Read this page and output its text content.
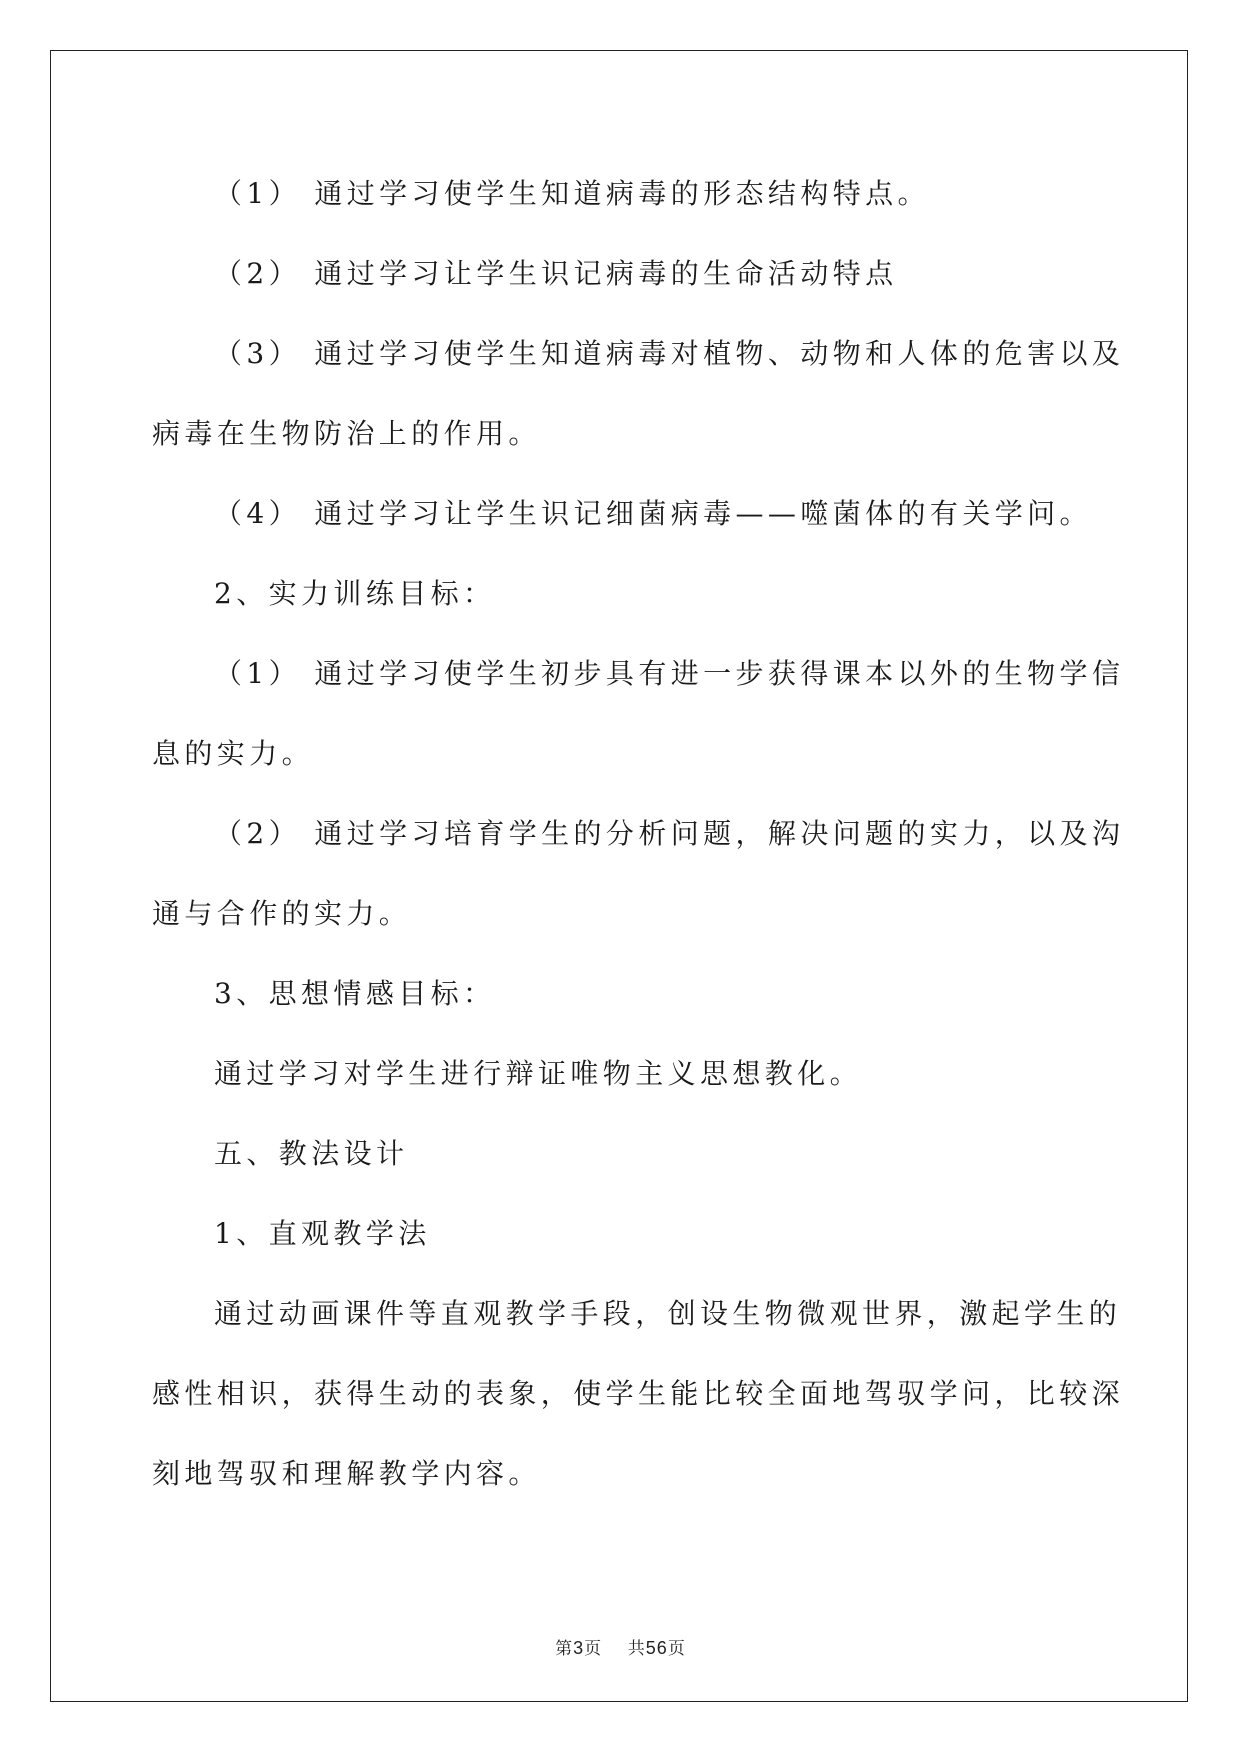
（1） 通过学习使学生知道病毒的形态结构特点。
（2） 通过学习让学生识记病毒的生命活动特点
（3） 通过学习使学生知道病毒对植物、动物和人体的危害以及
病毒在生物防治上的作用。
（4） 通过学习让学生识记细菌病毒——噬菌体的有关学问。
2、实力训练目标：
（1） 通过学习使学生初步具有进一步获得课本以外的生物学信
息的实力。
（2） 通过学习培育学生的分析问题，解决问题的实力，以及沟
通与合作的实力。
3、思想情感目标：
通过学习对学生进行辩证唯物主义思想教化。
五、教法设计
1、直观教学法
通过动画课件等直观教学手段，创设生物微观世界，激起学生的
感性相识，获得生动的表象，使学生能比较全面地驾驭学问，比较深
刻地驾驭和理解教学内容。
第3页 共56页
